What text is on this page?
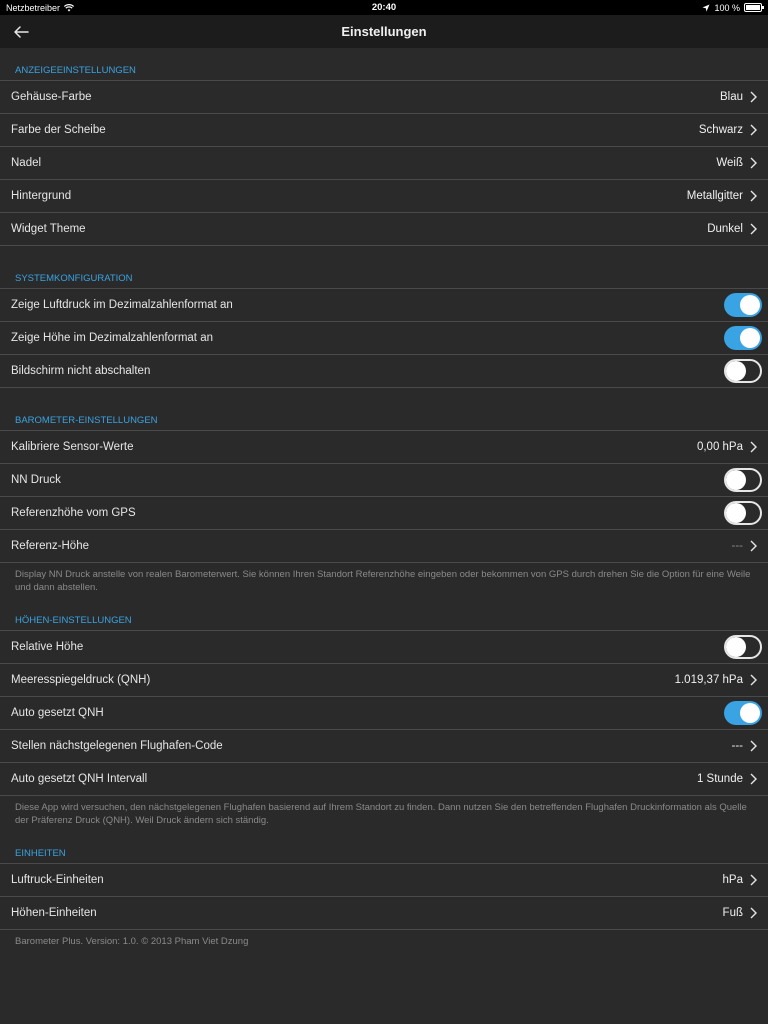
Netzbetreiber	20:40	100 %
Einstellungen
ANZEIGEEINSTELLUNGEN
Gehäuse-Farbe	Blau
Farbe der Scheibe	Schwarz
Nadel	Weiß
Hintergrund	Metallgitter
Widget Theme	Dunkel
SYSTEMKONFIGURATION
Zeige Luftdruck im Dezimalzahlenformat an
Zeige Höhe im Dezimalzahlenformat an
Bildschirm nicht abschalten
BAROMETER-EINSTELLUNGEN
Kalibriere Sensor-Werte	0,00 hPa
NN Druck
Referenzhöhe vom GPS
Referenz-Höhe	---
Display NN Druck anstelle von realen Barometerwert. Sie können Ihren Standort Referenzhöhe eingeben oder bekommen von GPS durch drehen Sie die Option für eine Weile und dann abstellen.
HÖHEN-EINSTELLUNGEN
Relative Höhe
Meeresspiegeldruck (QNH)	1.019,37 hPa
Auto gesetzt QNH
Stellen nächstgelegenen Flughafen-Code	---
Auto gesetzt QNH Intervall	1 Stunde
Diese App wird versuchen, den nächstgelegenen Flughafen basierend auf Ihrem Standort zu finden. Dann nutzen Sie den betreffenden Flughafen Druckinformation als Quelle der Präferenz Druck (QNH). Weil Druck ändern sich ständig.
EINHEITEN
Luftruck-Einheiten	hPa
Höhen-Einheiten	Fuß
Barometer Plus. Version: 1.0. © 2013 Pham Viet Dzung
